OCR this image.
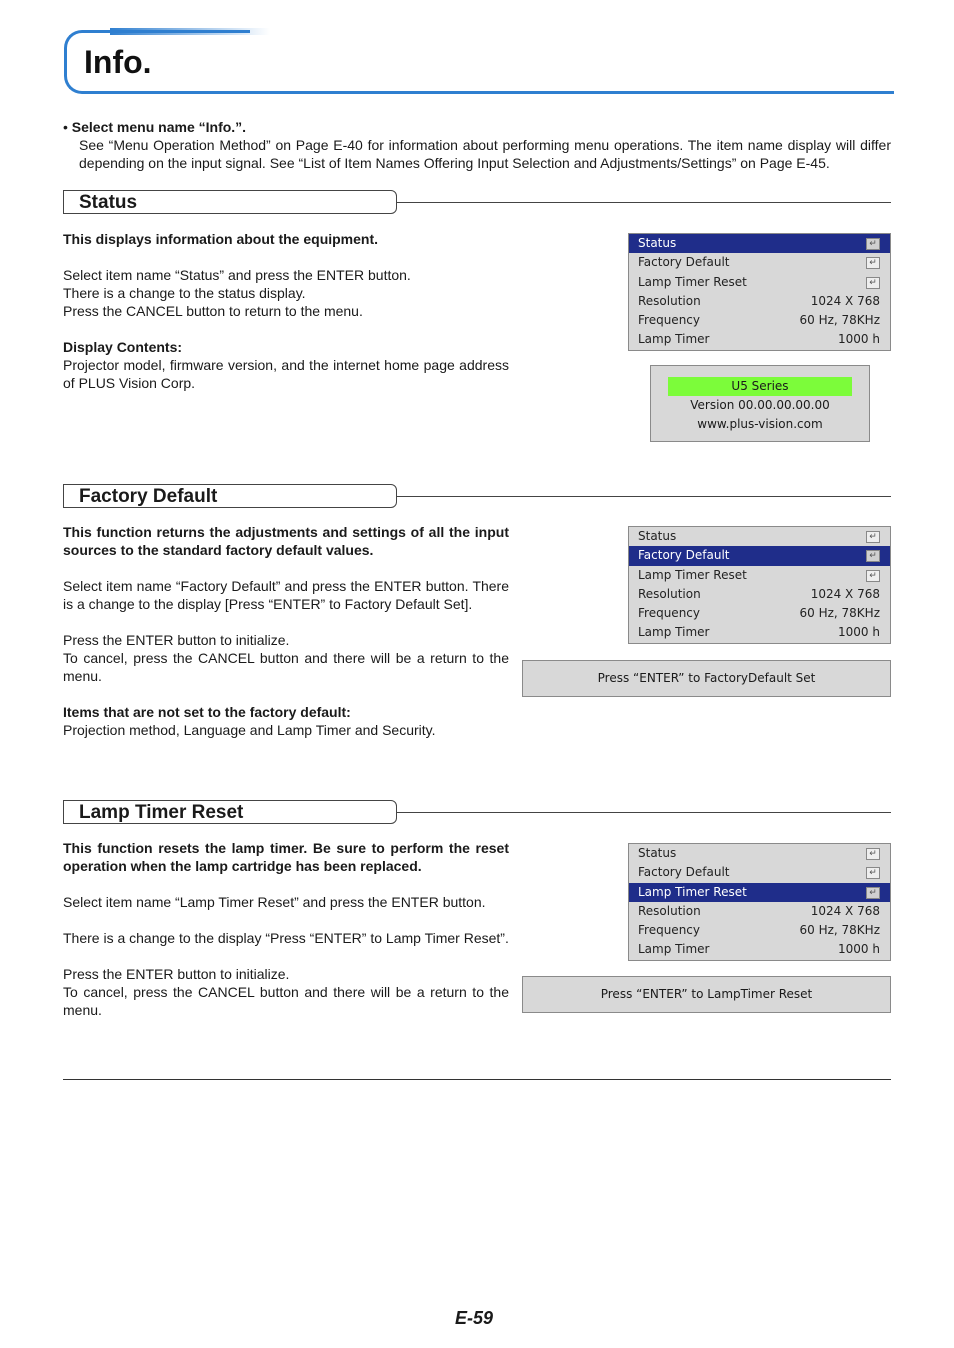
Info.
• Select menu name “Info.”.
See “Menu Operation Method” on Page E-40 for information about performing menu operations. The item name display will differ depending on the input signal. See “List of Item Names Offering Input Selection and Adjustments/Settings” on Page E-45.
Status

This displays information about the equipment.

Select item name “Status” and press the ENTER button.
There is a change to the status display.
Press the CANCEL button to return to the menu.

Display Contents:
Projector model, firmware version, and the internet home page address of PLUS Vision Corp.

Status	↵
Factory Default	↵
Lamp Timer Reset	↵
Resolution	1024 X 768
Frequency	60 Hz, 78KHz
Lamp Timer	1000 h
U5 Series
Version 00.00.00.00.00
www.plus-vision.com
Factory Default

This function returns the adjustments and settings of all the input sources to the standard factory default values.

Select item name “Factory Default” and press the ENTER button. There is a change to the display [Press “ENTER” to Factory Default Set].

Press the ENTER button to initialize.
To cancel, press the CANCEL button and there will be a return to the menu.

Items that are not set to the factory default:
Projection method, Language and Lamp Timer and Security.

Status	↵
Factory Default	↵
Lamp Timer Reset	↵
Resolution	1024 X 768
Frequency	60 Hz, 78KHz
Lamp Timer	1000 h
Press “ENTER” to FactoryDefault Set
Lamp Timer Reset

This function resets the lamp timer. Be sure to perform the reset operation when the lamp cartridge has been replaced.

Select item name “Lamp Timer Reset” and press the ENTER button.

There is a change to the display “Press “ENTER” to Lamp Timer Reset”.

Press the ENTER button to initialize.
To cancel, press the CANCEL button and there will be a return to the menu.

Status	↵
Factory Default	↵
Lamp Timer Reset	↵
Resolution	1024 X 768
Frequency	60 Hz, 78KHz
Lamp Timer	1000 h
Press “ENTER” to LampTimer Reset
E-59
